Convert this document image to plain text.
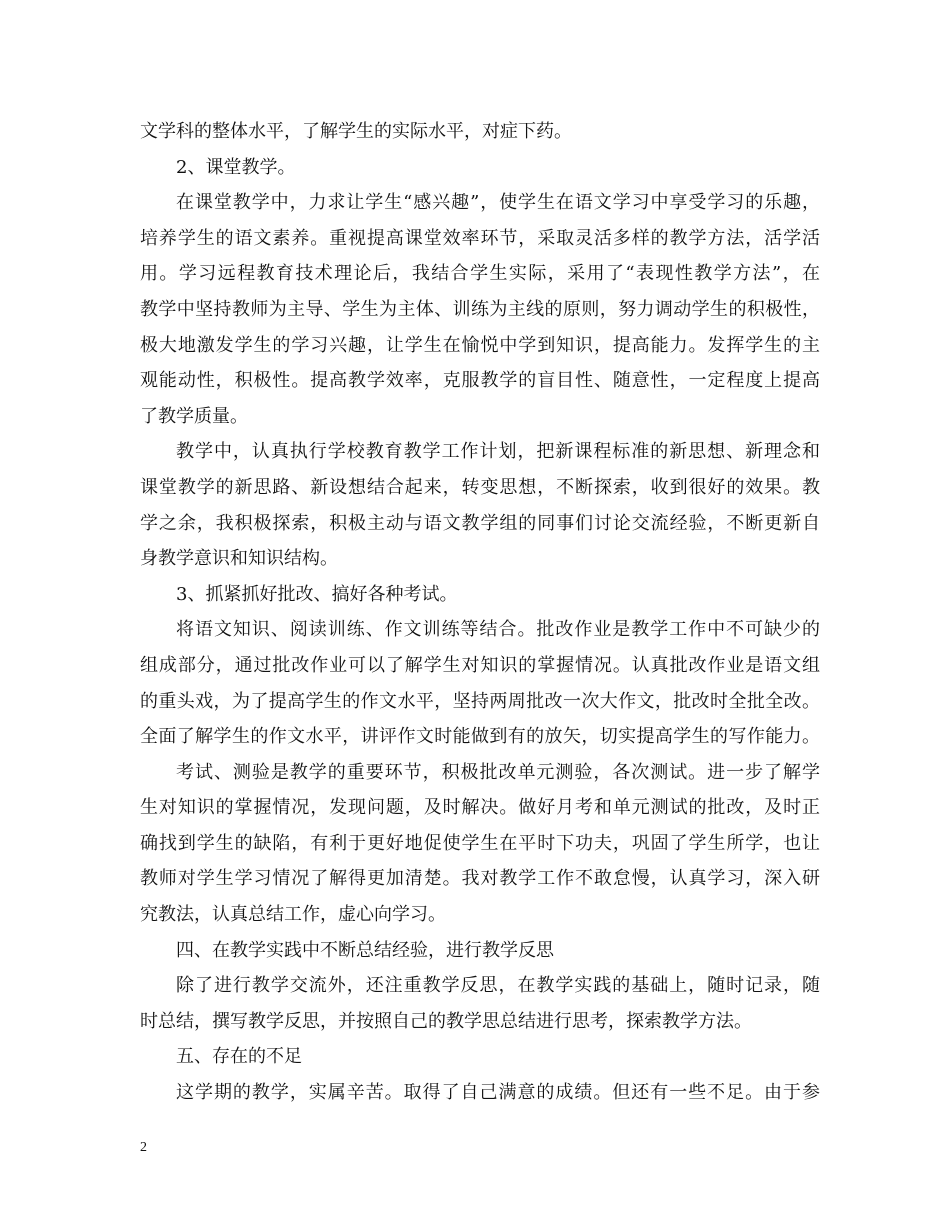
文学科的整体水平，了解学生的实际水平，对症下药。
2、课堂教学。
在课堂教学中，力求让学生“感兴趣”，使学生在语文学习中享受学习的乐趣，
培养学生的语文素养。重视提高课堂效率环节，采取灵活多样的教学方法，活学活
用。学习远程教育技术理论后，我结合学生实际，采用了“表现性教学方法”，在
教学中坚持教师为主导、学生为主体、训练为主线的原则，努力调动学生的积极性，
极大地激发学生的学习兴趣，让学生在愉悦中学到知识，提高能力。发挥学生的主
观能动性，积极性。提高教学效率，克服教学的盲目性、随意性，一定程度上提高
了教学质量。
教学中，认真执行学校教育教学工作计划，把新课程标准的新思想、新理念和
课堂教学的新思路、新设想结合起来，转变思想，不断探索，收到很好的效果。教
学之余，我积极探索，积极主动与语文教学组的同事们讨论交流经验，不断更新自
身教学意识和知识结构。
3、抓紧抓好批改、搞好各种考试。
将语文知识、阅读训练、作文训练等结合。批改作业是教学工作中不可缺少的
组成部分，通过批改作业可以了解学生对知识的掌握情况。认真批改作业是语文组
的重头戏，为了提高学生的作文水平，坚持两周批改一次大作文，批改时全批全改。
全面了解学生的作文水平，讲评作文时能做到有的放矢，切实提高学生的写作能力。
考试、测验是教学的重要环节，积极批改单元测验，各次测试。进一步了解学
生对知识的掌握情况，发现问题，及时解决。做好月考和单元测试的批改，及时正
确找到学生的缺陷，有利于更好地促使学生在平时下功夫，巩固了学生所学，也让
教师对学生学习情况了解得更加清楚。我对教学工作不敢怠慢，认真学习，深入研
究教法，认真总结工作，虚心向学习。
四、在教学实践中不断总结经验，进行教学反思
除了进行教学交流外，还注重教学反思，在教学实践的基础上，随时记录，随
时总结，撰写教学反思，并按照自己的教学思总结进行思考，探索教学方法。
五、存在的不足
这学期的教学，实属辛苦。取得了自己满意的成绩。但还有一些不足。由于参
2
